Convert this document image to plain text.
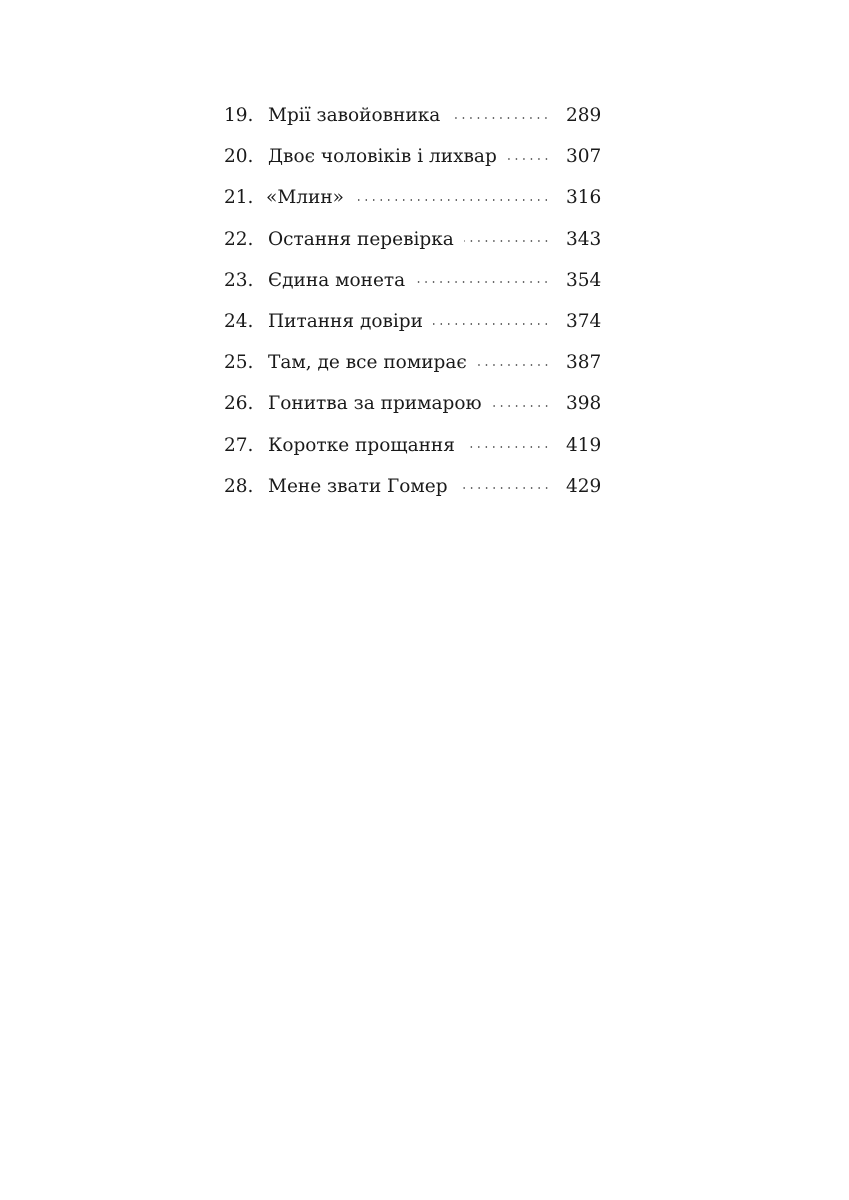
19. Мрії завойовника	289
20. Двоє чоловіків і лихвар	307
21. «Млин»	316
22. Остання перевірка	343
23. Єдина монета	354
24. Питання довіри	374
25. Там, де все помирає	387
26. Гонитва за примарою	398
27. Коротке прощання	419
28. Мене звати Гомер	429
